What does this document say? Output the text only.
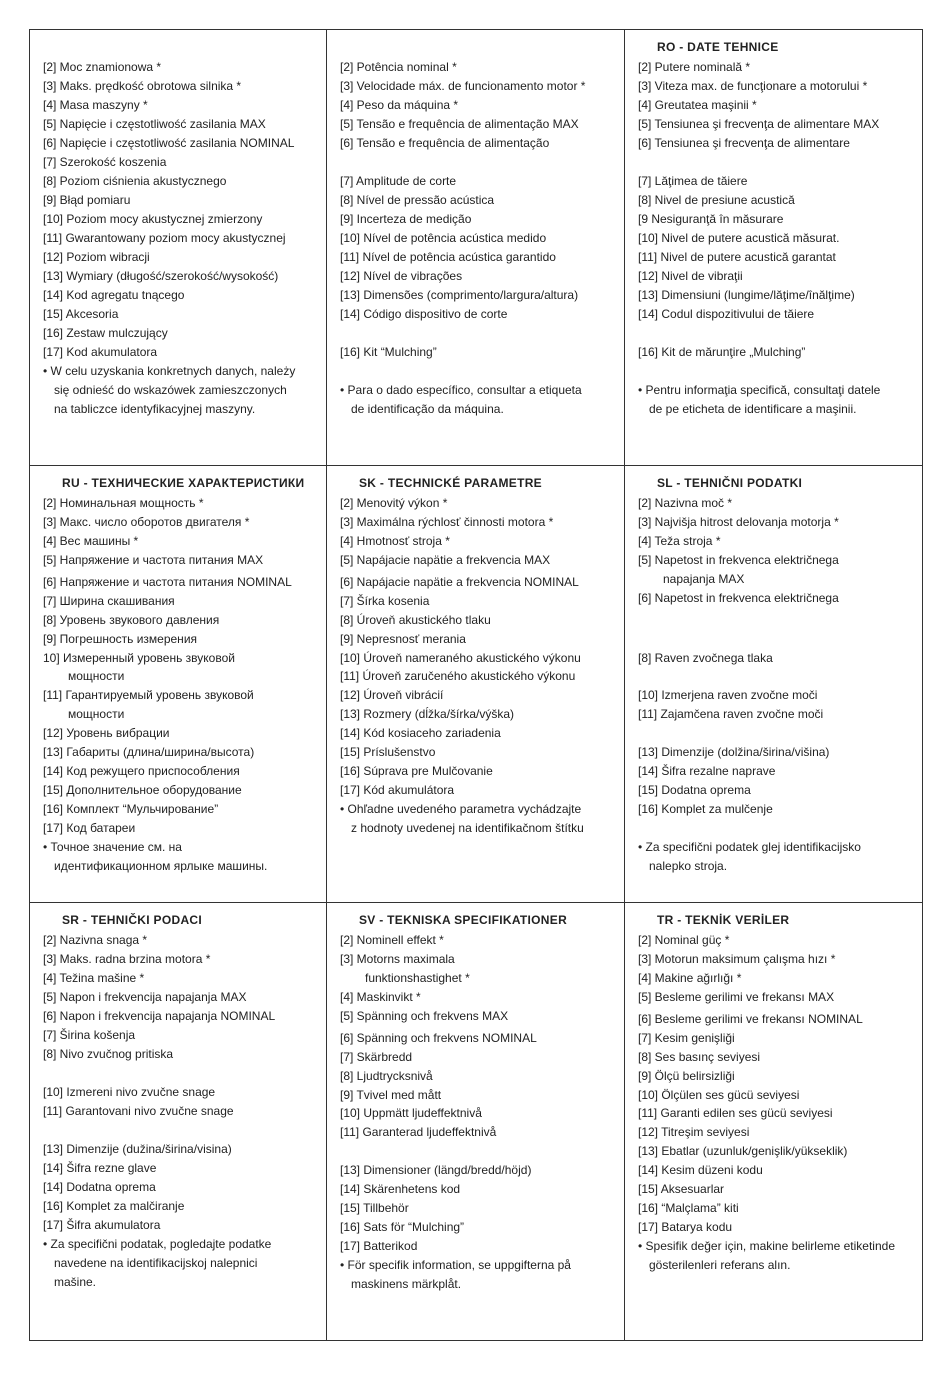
[2] Moc znamionowa *
[3] Maks. prędkość obrotowa silnika *
[4] Masa maszyny *
[5] Napięcie i częstotliwość zasilania MAX
[6] Napięcie i częstotliwość zasilania NOMINAL
[7] Szerokość koszenia
[8] Poziom ciśnienia akustycznego
[9] Błąd pomiaru
[10] Poziom mocy akustycznej zmierzony
[11] Gwarantowany poziom mocy akustycznej
[12] Poziom wibracji
[13] Wymiary (długość/szerokość/wysokość)
[14] Kod agregatu tnącego
[15] Akcesoria
[16] Zestaw mulczujący
[17] Kod akumulatora
• W celu uzyskania konkretnych danych, należy
się odnieść do wskazówek zamieszczonych
na tabliczce identyfikacyjnej maszyny.
[2] Potência nominal *
[3] Velocidade máx. de funcionamento motor *
[4] Peso da máquina *
[5] Tensão e frequência de alimentação MAX
[6] Tensão e frequência de alimentação
[7] Amplitude de corte
[8] Nível de pressão acústica
[9] Incerteza de medição
[10] Nível de potência acústica medido
[11] Nível de potência acústica garantido
[12] Nível de vibrações
[13] Dimensões (comprimento/largura/altura)
[14] Código dispositivo de corte
[16] Kit “Mulching”
• Para o dado específico, consultar a etiqueta
de identificação da máquina.
RO - DATE TEHNICE
[2] Putere nominală *
[3] Viteza max. de funcţionare a motorului *
[4] Greutatea maşinii *
[5] Tensiunea şi frecvenţa de alimentare MAX
[6] Tensiunea şi frecvenţa de alimentare
[7] Lăţimea de tăiere
[8] Nivel de presiune acustică
[9 Nesiguranţă în măsurare
[10] Nivel de putere acustică măsurat.
[11] Nivel de putere acustică garantat
[12] Nivel de vibraţii
[13] Dimensiuni (lungime/lăţime/înălţime)
[14] Codul dispozitivului de tăiere
[16] Kit de mărunţire „Mulching”
• Pentru informaţia specifică, consultaţi datele
de pe eticheta de identificare a maşinii.
RU - ТЕХНИЧЕСКИЕ ХАРАКТЕРИСТИКИ
[2] Номинальная мощность *
[3] Макс. число оборотов двигателя *
[4] Вес машины *
[5] Напряжение и частота питания MAX
[6] Напряжение и частота питания NOMINAL
[7] Ширина скашивания
[8] Уровень звукового давления
[9] Погрешность измерения
10] Измеренный уровень звуковой
мощности
[11] Гарантируемый уровень звуковой
мощности
[12] Уровень вибрации
[13] Габариты (длина/ширина/высота)
[14] Код режущего приспособления
[15] Дополнительное оборудование
[16] Комплект “Мульчирование”
[17] Код батареи
• Точное значение см. на
идентификационном ярлыке машины.
SK - TECHNICKÉ PARAMETRE
[2] Menovitý výkon *
[3] Maximálna rýchlosť činnosti motora *
[4] Hmotnosť stroja *
[5] Napájacie napätie a frekvencia MAX
[6] Napájacie napätie a frekvencia NOMINAL
[7] Šírka kosenia
[8] Úroveň akustického tlaku
[9] Nepresnosť merania
[10] Úroveň nameraného akustického výkonu
[11] Úroveň zaručeného akustického výkonu
[12] Úroveň vibrácií
[13] Rozmery (dĺžka/šírka/výška)
[14] Kód kosiaceho zariadenia
[15] Príslušenstvo
[16] Súprava pre Mulčovanie
[17] Kód akumulátora
• Ohľadne uvedeného parametra vychádzajte
z hodnoty uvedenej na identifikačnom štítku
SL - TEHNIČNI PODATKI
[2] Nazivna moč *
[3] Najvišja hitrost delovanja motorja *
[4] Teža stroja *
[5] Napetost in frekvenca električnega
napajanja MAX
[6] Napetost in frekvenca električnega
[8] Raven zvočnega tlaka
[10] Izmerjena raven zvočne moči
[11] Zajamčena raven zvočne moči
[13] Dimenzije (dolžina/širina/višina)
[14] Šifra rezalne naprave
[15] Dodatna oprema
[16] Komplet za mulčenje
• Za specifični podatek glej identifikacijsko
nalepko stroja.
SR - TEHNIČKI PODACI
[2] Nazivna snaga *
[3] Maks. radna brzina motora *
[4] Težina mašine *
[5] Napon i frekvencija napajanja MAX
[6] Napon i frekvencija napajanja NOMINAL
[7] Širina košenja
[8] Nivo zvučnog pritiska
[10] Izmereni nivo zvučne snage
[11] Garantovani nivo zvučne snage
[13] Dimenzije (dužina/širina/visina)
[14] Šifra rezne glave
[14] Dodatna oprema
[16] Komplet za malčiranje
[17] Šifra akumulatora
• Za specifični podatak, pogledajte podatke
navedene na identifikacijskoj nalepnici
mašine.
SV - TEKNISKA SPECIFIKATIONER
[2] Nominell effekt *
[3] Motorns maximala
funktionshastighet *
[4] Maskinvikt *
[5] Spänning och frekvens MAX
[6] Spänning och frekvens NOMINAL
[7] Skärbredd
[8] Ljudtrycksnivå
[9] Tvivel med mått
[10] Uppmätt ljudeffektnivå
[11] Garanterad ljudeffektnivå
[13] Dimensioner (längd/bredd/höjd)
[14] Skärenhetens kod
[15] Tillbehör
[16] Sats för “Mulching”
[17] Batterikod
• För specifik information, se uppgifterna på
maskinens märkplåt.
TR - TEKNİK VERİLER
[2] Nominal güç *
[3] Motorun maksimum çalışma hızı *
[4] Makine ağırlığı *
[5] Besleme gerilimi ve frekansı MAX
[6] Besleme gerilimi ve frekansı NOMINAL
[7] Kesim genişliği
[8] Ses basınç seviyesi
[9] Ölçü belirsizliği
[10] Ölçülen ses gücü seviyesi
[11] Garanti edilen ses gücü seviyesi
[12] Titreşim seviyesi
[13] Ebatlar (uzunluk/genişlik/yükseklik)
[14] Kesim düzeni kodu
[15] Aksesuarlar
[16] “Malçlama” kiti
[17] Batarya kodu
• Spesifik değer için, makine belirleme etiketinde
gösterilenleri referans alın.
